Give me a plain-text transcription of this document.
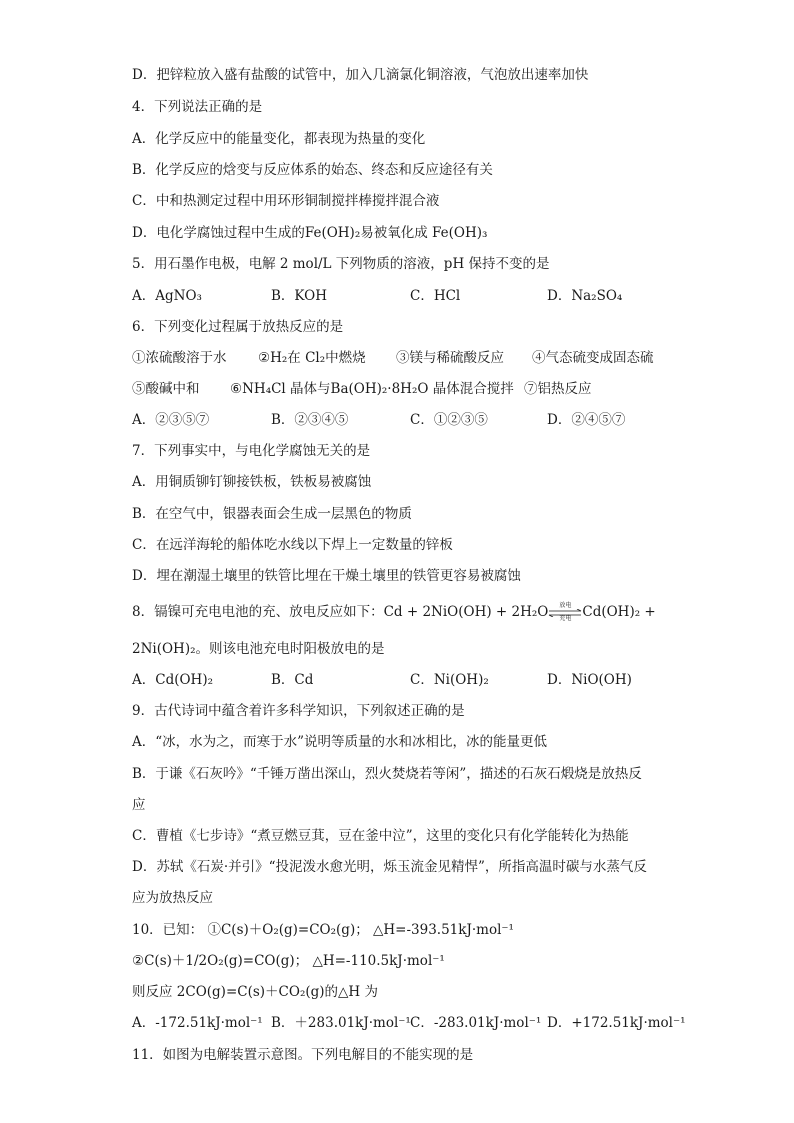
D．把锌粒放入盛有盐酸的试管中，加入几滴氯化铜溶液，气泡放出速率加快
4．下列说法正确的是
A．化学反应中的能量变化，都表现为热量的变化
B．化学反应的焓变与反应体系的始态、终态和反应途径有关
C．中和热测定过程中用环形铜制搅拌棒搅拌混合液
D．电化学腐蚀过程中生成的Fe(OH)₂易被氧化成 Fe(OH)₃
5．用石墨作电极，电解 2 mol/L 下列物质的溶液，pH 保持不变的是
A．AgNO₃	B．KOH	C．HCl	D．Na₂SO₄
6．下列变化过程属于放热反应的是
①浓硫酸溶于水 ②H₂在 Cl₂中燃烧 ③镁与稀硫酸反应 ④气态硫变成固态硫
⑤酸碱中和 ⑥NH₄Cl 晶体与Ba(OH)₂·8H₂O 晶体混合搅拌 ⑦铝热反应
A．②③⑤⑦	B．②③④⑤	C．①②③⑤	D．②④⑤⑦
7．下列事实中，与电化学腐蚀无关的是
A．用铜质铆钉铆接铁板，铁板易被腐蚀
B．在空气中，银器表面会生成一层黑色的物质
C．在远洋海轮的船体吃水线以下焊上一定数量的锌板
D．埋在潮湿土壤里的铁管比埋在干燥土壤里的铁管更容易被腐蚀
8．镉镍可充电电池的充、放电反应如下：Cd + 2NiO(OH) + 2H₂O	放电
充电 Cd(OH)₂ +
2Ni(OH)₂。则该电池充电时阳极放电的是
A．Cd(OH)₂	B．Cd	C．Ni(OH)₂	D．NiO(OH)
9．古代诗词中蕴含着许多科学知识，下列叙述正确的是
A．“冰，水为之，而寒于水”说明等质量的水和冰相比，冰的能量更低
B．于谦《石灰吟》“千锤万凿出深山，烈火焚烧若等闲”，描述的石灰石煅烧是放热反
应
C．曹植《七步诗》“煮豆燃豆萁，豆在釜中泣”，这里的变化只有化学能转化为热能
D．苏轼《石炭·并引》“投泥泼水愈光明，烁玉流金见精悍”，所指高温时碳与水蒸气反
应为放热反应
10．已知： ①C(s)＋O₂(g)=CO₂(g)； △H=-393.51kJ·mol⁻¹
②C(s)＋1/2O₂(g)=CO(g)； △H=-110.5kJ·mol⁻¹
则反应 2CO(g)=C(s)＋CO₂(g)的△H 为
A．-172.51kJ·mol⁻¹ B．＋283.01kJ·mol⁻¹ C．-283.01kJ·mol⁻¹ D．+172.51kJ·mol⁻¹
11．如图为电解装置示意图。下列电解目的不能实现的是
